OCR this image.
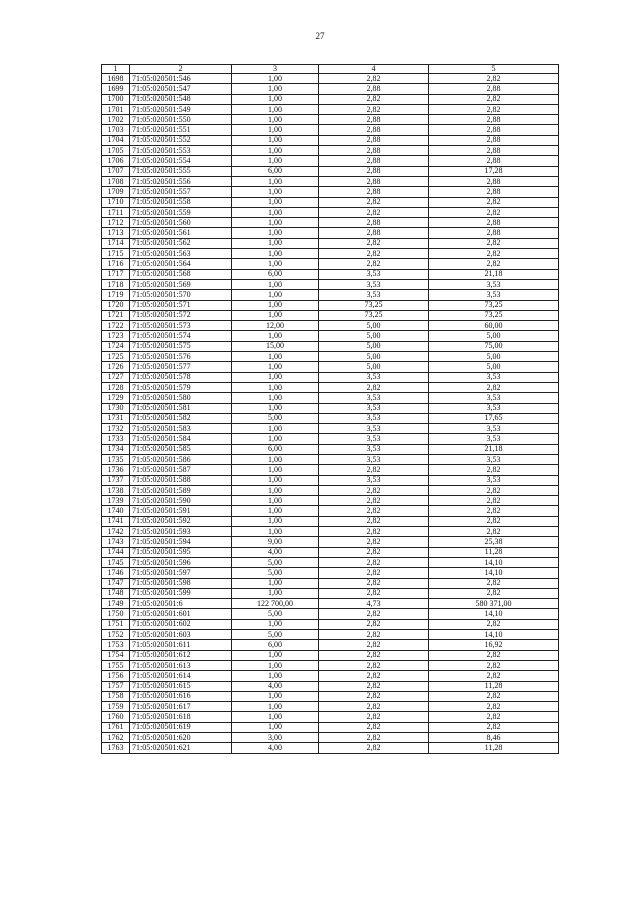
27
1	2	3	4	5
1698	71:05:020501:546	1,00	2,82	2,82
1699	71:05:020501:547	1,00	2,88	2,88
1700	71:05:020501:548	1,00	2,82	2,82
1701	71:05:020501:549	1,00	2,82	2,82
1702	71:05:020501:550	1,00	2,88	2,88
1703	71:05:020501:551	1,00	2,88	2,88
1704	71:05:020501:552	1,00	2,88	2,88
1705	71:05:020501:553	1,00	2,88	2,88
1706	71:05:020501:554	1,00	2,88	2,88
1707	71:05:020501:555	6,00	2,88	17,28
1708	71:05:020501:556	1,00	2,88	2,88
1709	71:05:020501:557	1,00	2,88	2,88
1710	71:05:020501:558	1,00	2,82	2,82
1711	71:05:020501:559	1,00	2,82	2,82
1712	71:05:020501:560	1,00	2,88	2,88
1713	71:05:020501:561	1,00	2,88	2,88
1714	71:05:020501:562	1,00	2,82	2,82
1715	71:05:020501:563	1,00	2,82	2,82
1716	71:05:020501:564	1,00	2,82	2,82
1717	71:05:020501:568	6,00	3,53	21,18
1718	71:05:020501:569	1,00	3,53	3,53
1719	71:05:020501:570	1,00	3,53	3,53
1720	71:05:020501:571	1,00	73,25	73,25
1721	71:05:020501:572	1,00	73,25	73,25
1722	71:05:020501:573	12,00	5,00	60,00
1723	71:05:020501:574	1,00	5,00	5,00
1724	71:05:020501:575	15,00	5,00	75,00
1725	71:05:020501:576	1,00	5,00	5,00
1726	71:05:020501:577	1,00	5,00	5,00
1727	71:05:020501:578	1,00	3,53	3,53
1728	71:05:020501:579	1,00	2,82	2,82
1729	71:05:020501:580	1,00	3,53	3,53
1730	71:05:020501:581	1,00	3,53	3,53
1731	71:05:020501:582	5,00	3,53	17,65
1732	71:05:020501:583	1,00	3,53	3,53
1733	71:05:020501:584	1,00	3,53	3,53
1734	71:05:020501:585	6,00	3,53	21,18
1735	71:05:020501:586	1,00	3,53	3,53
1736	71:05:020501:587	1,00	2,82	2,82
1737	71:05:020501:588	1,00	3,53	3,53
1738	71:05:020501:589	1,00	2,82	2,82
1739	71:05:020501:590	1,00	2,82	2,82
1740	71:05:020501:591	1,00	2,82	2,82
1741	71:05:020501:592	1,00	2,82	2,82
1742	71:05:020501:593	1,00	2,82	2,82
1743	71:05:020501:594	9,00	2,82	25,38
1744	71:05:020501:595	4,00	2,82	11,28
1745	71:05:020501:596	5,00	2,82	14,10
1746	71:05:020501:597	5,00	2,82	14,10
1747	71:05:020501:598	1,00	2,82	2,82
1748	71:05:020501:599	1,00	2,82	2,82
1749	71:05:020501:6	122 700,00	4,73	580 371,00
1750	71:05:020501:601	5,00	2,82	14,10
1751	71:05:020501:602	1,00	2,82	2,82
1752	71:05:020501:603	5,00	2,82	14,10
1753	71:05:020501:611	6,00	2,82	16,92
1754	71:05:020501:612	1,00	2,82	2,82
1755	71:05:020501:613	1,00	2,82	2,82
1756	71:05:020501:614	1,00	2,82	2,82
1757	71:05:020501:615	4,00	2,82	11,28
1758	71:05:020501:616	1,00	2,82	2,82
1759	71:05:020501:617	1,00	2,82	2,82
1760	71:05:020501:618	1,00	2,82	2,82
1761	71:05:020501:619	1,00	2,82	2,82
1762	71:05:020501:620	3,00	2,82	8,46
1763	71:05:020501:621	4,00	2,82	11,28
